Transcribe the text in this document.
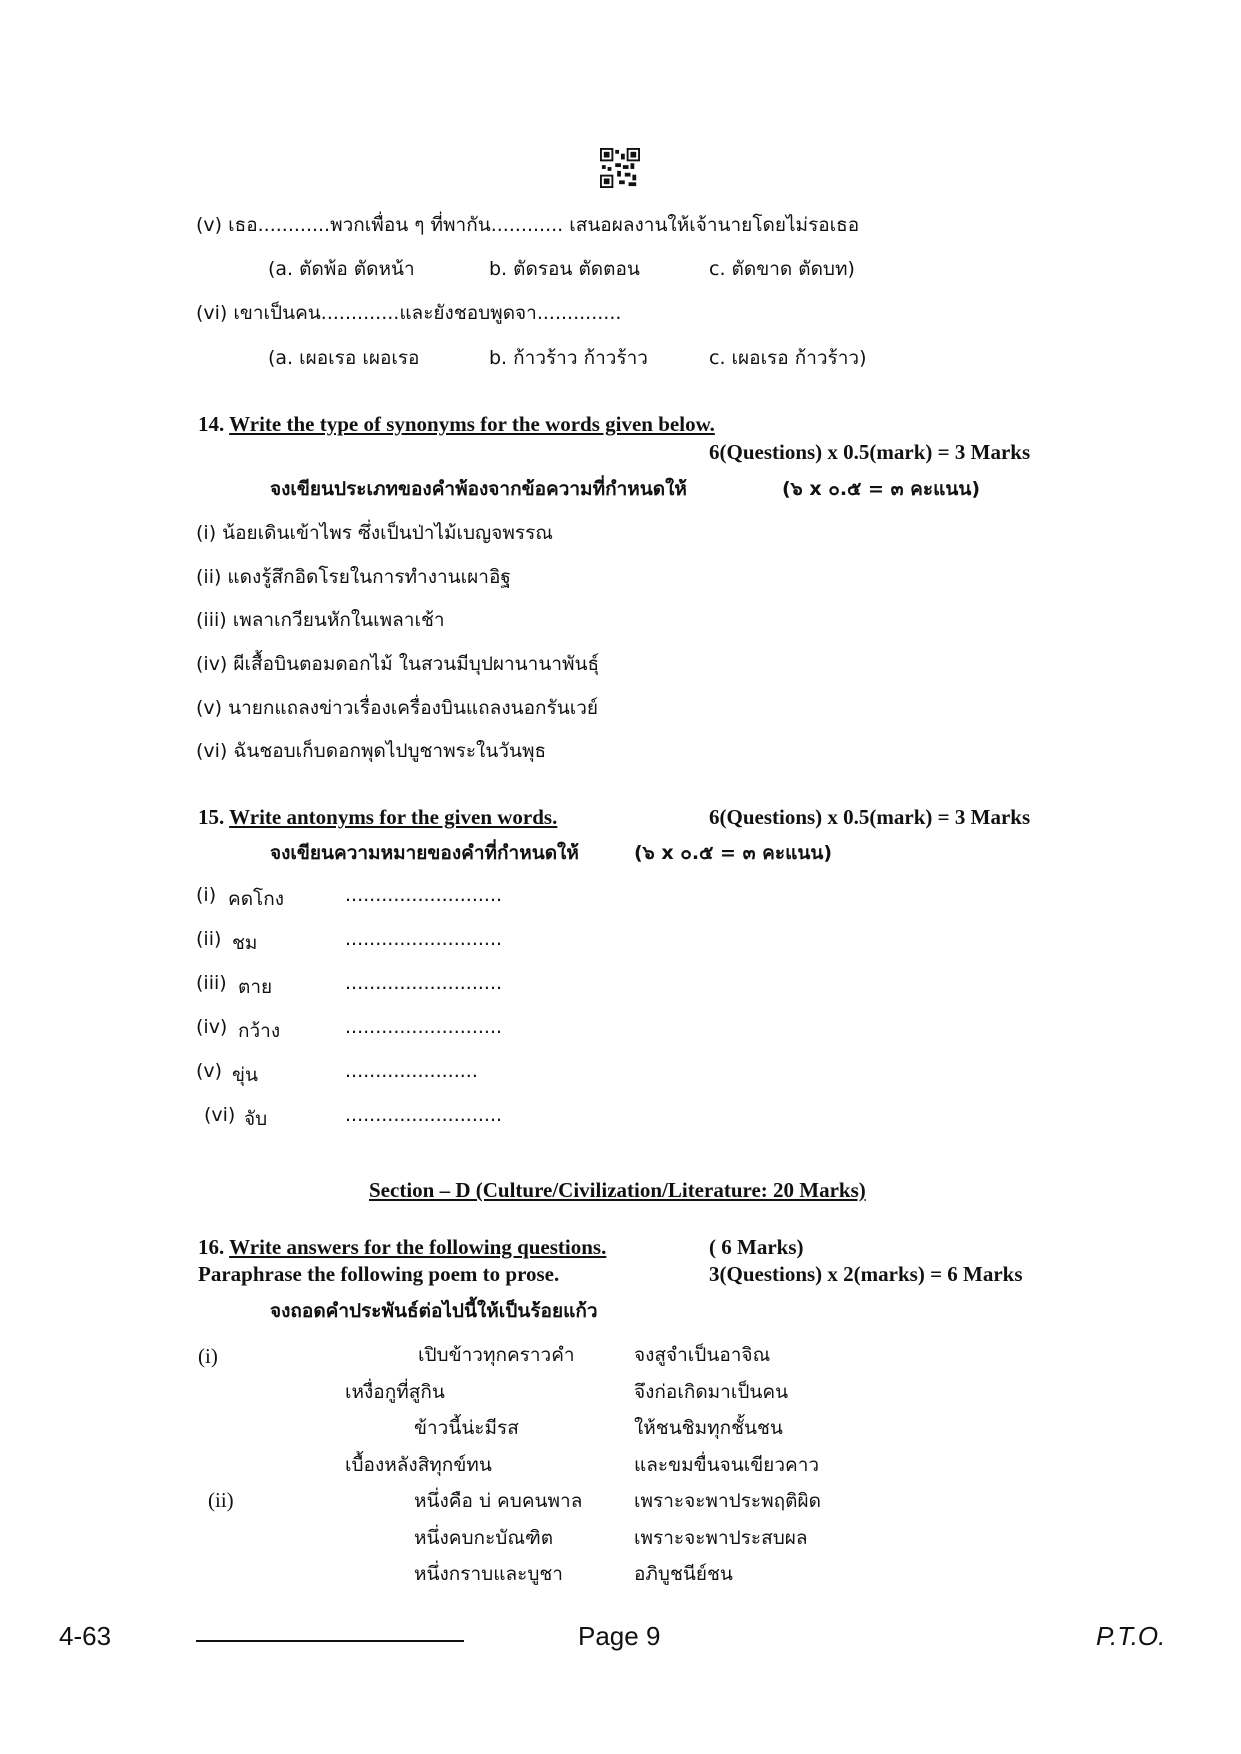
(v) เธอ............พวกเพื่อน ๆ ที่พากัน............ เสนอผลงานให้เจ้านายโดยไม่รอเธอ
(a. ตัดพ้อ ตัดหน้า	b. ตัดรอน ตัดตอน	c. ตัดขาด ตัดบท)
(vi) เขาเป็นคน.............และยังชอบพูดจา..............
(a. เผอเรอ เผอเรอ	b. ก้าวร้าว ก้าวร้าว	c. เผอเรอ ก้าวร้าว)
14. Write the type of synonyms for the words given below.
6(Questions) x 0.5(mark) = 3 Marks
จงเขียนประเภทของคำพ้องจากข้อความที่กำหนดให้	(๖ x ๐.๕ = ๓ คะแนน)
(i) น้อยเดินเข้าไพร ซึ่งเป็นป่าไม้เบญจพรรณ
(ii) แดงรู้สึกอิดโรยในการทำงานเผาอิฐ
(iii) เพลาเกวียนหักในเพลาเช้า
(iv) ผีเสื้อบินตอมดอกไม้ ในสวนมีบุปผานานาพันธุ์
(v) นายกแถลงข่าวเรื่องเครื่องบินแถลงนอกรันเวย์
(vi) ฉันชอบเก็บดอกพุดไปบูชาพระในวันพุธ
15. Write antonyms for the given words.	6(Questions) x 0.5(mark) = 3 Marks
จงเขียนความหมายของคำที่กำหนดให้	(๖ x ๐.๕ = ๓ คะแนน)
(i) คดโกง	..........................
(ii) ชม	..........................
(iii) ตาย	..........................
(iv) กว้าง	..........................
(v) ขุ่น	......................
(vi) จับ	..........................
Section – D (Culture/Civilization/Literature: 20 Marks)
16. Write answers for the following questions.	( 6 Marks)
Paraphrase the following poem to prose.	3(Questions) x 2(marks) = 6 Marks
จงถอดคำประพันธ์ต่อไปนี้ให้เป็นร้อยแก้ว
(i)	เปิบข้าวทุกคราวคำ	จงสูจำเป็นอาจิณ
เหงื่อกูที่สูกิน	จึงก่อเกิดมาเป็นคน
ข้าวนี้น่ะมีรส	ให้ชนชิมทุกชั้นชน
เบื้องหลังสิทุกข์ทน	และขมขื่นจนเขียวคาว
(ii)	หนึ่งคือ บ่ คบคนพาล	เพราะจะพาประพฤติผิด
หนึ่งคบกะบัณฑิต	เพราะจะพาประสบผล
หนึ่งกราบและบูชา	อภิบูชนีย์ชน
4-63	Page 9	P.T.O.
